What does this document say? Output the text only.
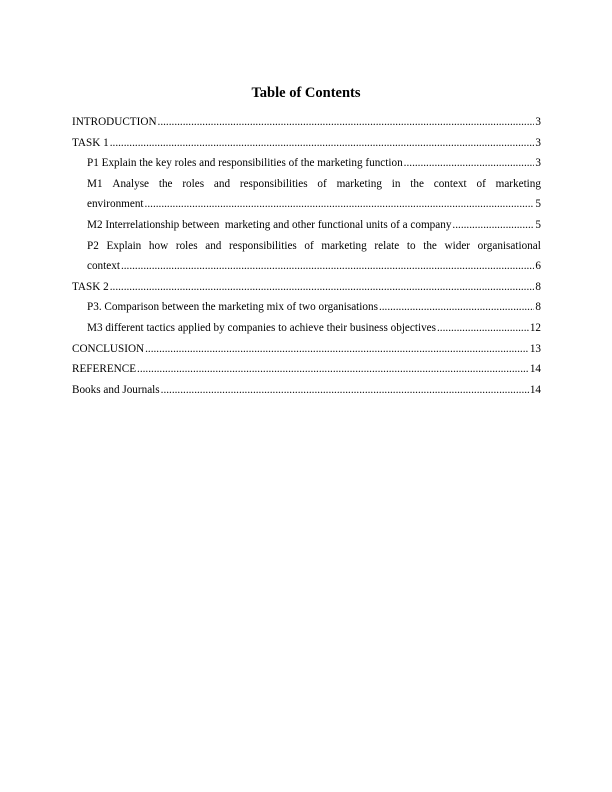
Table of Contents
INTRODUCTION .....	3
TASK 1 .....	3
P1 Explain the key roles and responsibilities of the marketing function .....	3
M1 Analyse the roles and responsibilities of marketing in the context of marketing
environment .....	5
M2 Interrelationship between  marketing and other functional units of a company .....	5
P2 Explain how roles and responsibilities of marketing relate to the wider organisational
context .....	6
TASK 2 .....	8
P3. Comparison between the marketing mix of two organisations .....	8
M3 different tactics applied by companies to achieve their business objectives .....	12
CONCLUSION .....	13
REFERENCE .....	14
Books and Journals .....	14
